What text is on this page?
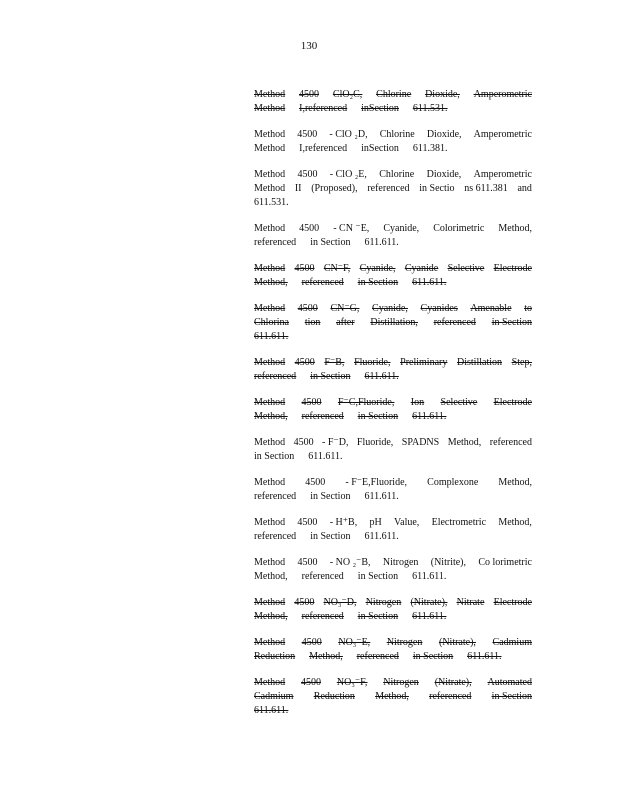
130
Method 4500 ClO₂C, Chlorine Dioxide, Amperometric
Method I,referenced inSection 611.531.
Method 4500 - ClO ₂D, Chlorine Dioxide, Amperometric
Method I,referenced inSection 611.381.
Method 4500 - ClO ₂E, Chlorine Dioxide, Amperometric
Method II (Proposed), referenced in Sectio ns 611.381 and
611.531.
Method 4500 - CN ⁻E, Cyanide, Colorimetric Method,
referenced in Section 611.611.
Method 4500 CN⁻F, Cyanide, Cyanide Selective Electrode
Method, referenced in Section 611.611.
Method 4500 CN⁻G, Cyanide, Cyanides Amenable to
Chlorina tion after Distillation, referenced in Section
611.611.
Method 4500 F⁻B, Fluoride, Preliminary Distillation Step,
referenced in Section 611.611.
Method 4500 F⁻C,Fluoride, Ion Selective Electrode
Method, referenced in Section 611.611.
Method 4500 - F⁻D, Fluoride, SPADNS Method, referenced
in Section 611.611.
Method 4500 - F⁻E,Fluoride, Complexone Method,
referenced in Section 611.611.
Method 4500 - H⁺B, pH Value, Electrometric Method,
referenced in Section 611.611.
Method 4500 - NO ₂⁻B, Nitrogen (Nitrite), Co lorimetric
Method, referenced in Section 611.611.
Method 4500 NO₃⁻D, Nitrogen (Nitrate), Nitrate Electrode
Method, referenced in Section 611.611.
Method 4500 NO₃⁻E, Nitrogen (Nitrate), Cadmium
Reduction Method, referenced in Section 611.611.
Method 4500 NO₃⁻F, Nitrogen (Nitrate), Automated
Cadmium Reduction Method, referenced in Section
611.611.
